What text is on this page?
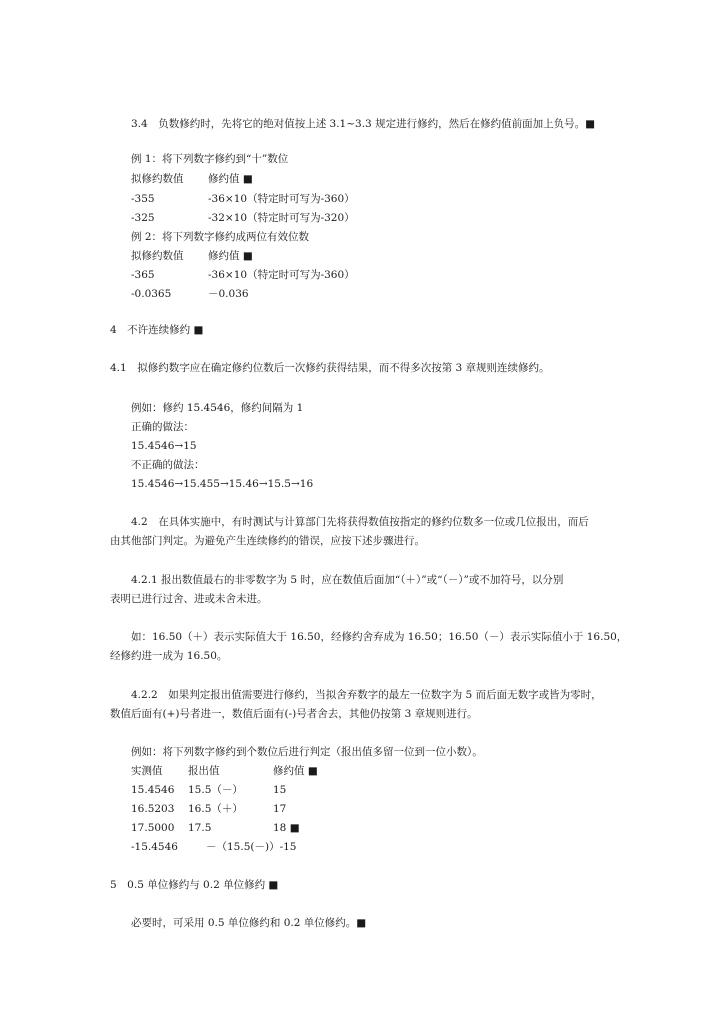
3.4　负数修约时，先将它的绝对值按上述 3.1~3.3 规定进行修约，然后在修约值前面加上负号。■
例 1：将下列数字修约到“十”数位
拟修约数值 修约值 ■
-355	-36×10（特定时可写为-360）
-325	-32×10（特定时可写为-320）
例 2：将下列数字修约成两位有效位数
拟修约数值 修约值 ■
-365	-36×10（特定时可写为-360）
-0.0365	－0.036
4　不许连续修约 ■
4.1　拟修约数字应在确定修约位数后一次修约获得结果，而不得多次按第 3 章规则连续修约。
例如：修约 15.4546，修约间隔为 1
正确的做法：
15.4546→15
不正确的做法：
15.4546→15.455→15.46→15.5→16
4.2　在具体实施中，有时测试与计算部门先将获得数值按指定的修约位数多一位或几位报出，而后
由其他部门判定。为避免产生连续修约的错误，应按下述步骤进行。
4.2.1 报出数值最右的非零数字为 5 时，应在数值后面加“（＋）”或“（－）”或不加符号，以分别
表明已进行过舍、进或未舍未进。
如：16.50（＋）表示实际值大于 16.50，经修约舍弃成为 16.50；16.50（－）表示实际值小于 16.50，
经修约进一成为 16.50。
4.2.2　如果判定报出值需要进行修约，当拟舍弃数字的最左一位数字为 5 而后面无数字或皆为零时，
数值后面有(+)号者进一，数值后面有(-)号者舍去，其他仍按第 3 章规则进行。
例如：将下列数字修约到个数位后进行判定（报出值多留一位到一位小数）。
实测值 报出值	修约值 ■
15.4546 15.5（－）	15
16.5203 16.5（＋）	17
17.5000 17.5	18 ■
-15.4546	－（15.5(－)）-15
5　0.5 单位修约与 0.2 单位修约 ■
必要时，可采用 0.5 单位修约和 0.2 单位修约。■
